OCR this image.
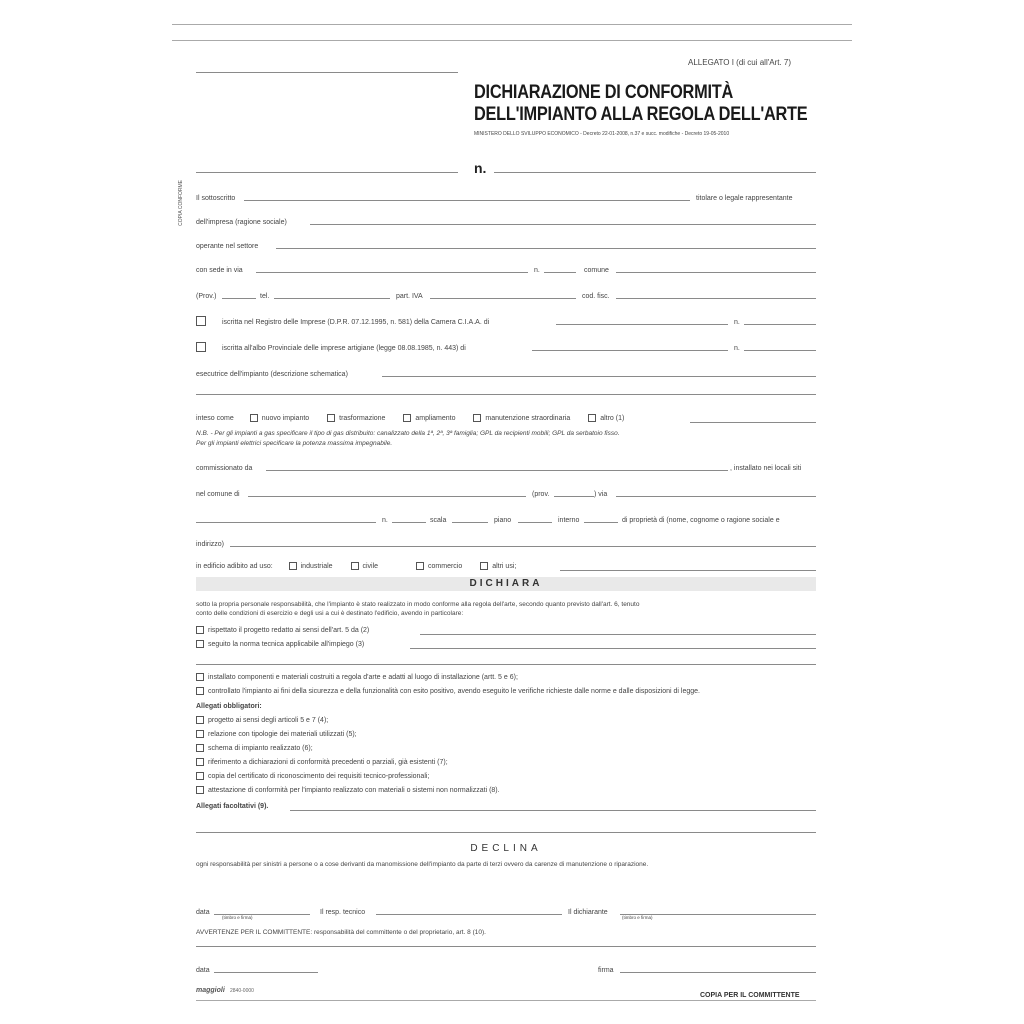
ALLEGATO I (di cui all'Art. 7)
DICHIARAZIONE DI CONFORMITÀ
DELL'IMPIANTO ALLA REGOLA DELL'ARTE
MINISTERO DELLO SVILUPPO ECONOMICO - Decreto 22-01-2008, n.37 e succ. modifiche - Decreto 19-05-2010
n.
COPIA CONFORME Il sottoscritto	titolare o legale rappresentante
dell'impresa (ragione sociale)
operante nel settore
con sede in via	n.	comune
(Prov.)	tel.	part. IVA	cod. fisc.
iscritta nel Registro delle Imprese (D.P.R. 07.12.1995, n. 581) della Camera C.I.A.A. di	n.
iscritta all'albo Provinciale delle imprese artigiane (legge 08.08.1985, n. 443) di	n.
esecutrice dell'impianto (descrizione schematica)
inteso come	nuovo impianto	trasformazione	ampliamento	manutenzione straordinaria	altro (1)
N.B. - Per gli impianti a gas specificare il tipo di gas distribuito: canalizzato della 1ª, 2ª, 3ª famiglia; GPL da recipienti mobili; GPL da serbatoio fisso.
Per gli impianti elettrici specificare la potenza massima impegnabile.
commissionato da	, installato nei locali siti
nel comune di	(prov.	) via
n.	scala	piano	interno	di proprietà di (nome, cognome o ragione sociale e
indirizzo)
in edificio adibito ad uso:	industriale	civile	commercio	altri usi;
DICHIARA
sotto la propria personale responsabilità, che l'impianto è stato realizzato in modo conforme alla regola dell'arte, secondo quanto previsto dall'art. 6, tenuto
conto delle condizioni di esercizio e degli usi a cui è destinato l'edificio, avendo in particolare:
rispettato il progetto redatto ai sensi dell'art. 5 da (2)
seguito la norma tecnica applicabile all'impiego (3)
installato componenti e materiali costruiti a regola d'arte e adatti al luogo di installazione (artt. 5 e 6);
controllato l'impianto ai fini della sicurezza e della funzionalità con esito positivo, avendo eseguito le verifiche richieste dalle norme e dalle disposizioni di legge.
Allegati obbligatori:
progetto ai sensi degli articoli 5 e 7 (4);
relazione con tipologie dei materiali utilizzati (5);
schema di impianto realizzato (6);
riferimento a dichiarazioni di conformità precedenti o parziali, già esistenti (7);
copia del certificato di riconoscimento dei requisiti tecnico-professionali;
attestazione di conformità per l'impianto realizzato con materiali o sistemi non normalizzati (8).
Allegati facoltativi (9).
DECLINA
ogni responsabilità per sinistri a persone o a cose derivanti da manomissione dell'impianto da parte di terzi ovvero da carenze di manutenzione o riparazione.
data	Il resp. tecnico	Il dichiarante
(timbro e firma)	(timbro e firma)
AVVERTENZE PER IL COMMITTENTE: responsabilità del committente o del proprietario, art. 8 (10).
data	firma
maggioli 2840-0000
COPIA PER IL COMMITTENTE
